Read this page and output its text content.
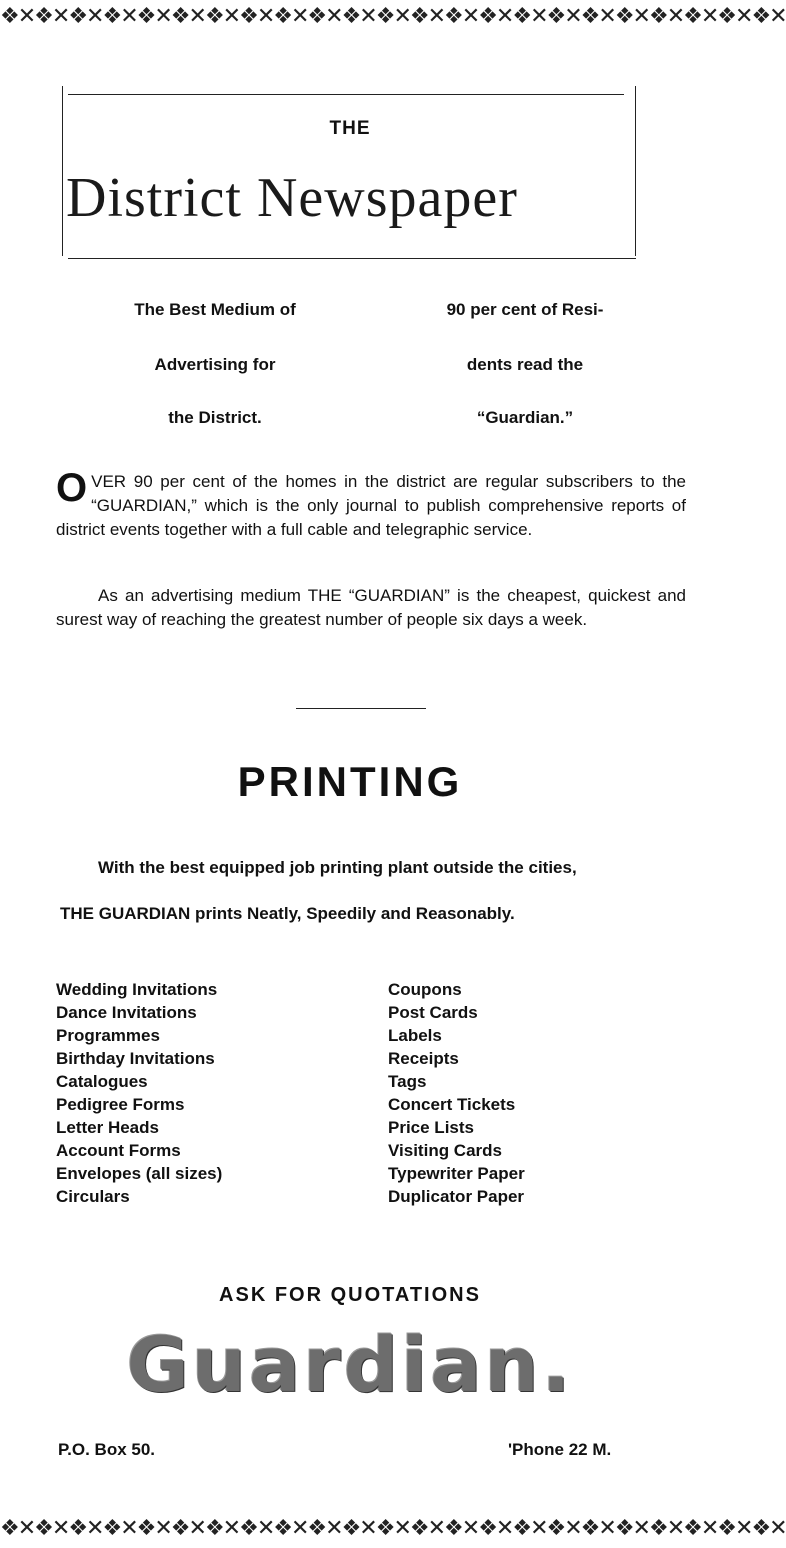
❖✕❖✕❖✕❖✕❖✕❖✕❖✕❖✕❖✕❖✕❖✕❖✕❖✕❖✕❖✕❖✕❖✕❖✕❖✕❖✕❖✕❖✕❖✕
THE
District Newspaper
The Best Medium of
Advertising for
the District.
90 per cent of Resi-
dents read the
“Guardian.”
O VER 90 per cent of the homes in the district are regular subscribers to the “GUARDIAN,” which is the only journal to publish comprehensive reports of district events together with a full cable and telegraphic service.
As an advertising medium THE “GUARDIAN” is the cheapest, quickest and surest way of reaching the greatest number of people six days a week.
PRINTING
With the best equipped job printing plant outside the cities,
THE GUARDIAN prints Neatly, Speedily and Reasonably.
Wedding Invitations
Dance Invitations
Programmes
Birthday Invitations
Catalogues
Pedigree Forms
Letter Heads
Account Forms
Envelopes (all sizes)
Circulars
Coupons
Post Cards
Labels
Receipts
Tags
Concert Tickets
Price Lists
Visiting Cards
Typewriter Paper
Duplicator Paper
ASK FOR QUOTATIONS
Guardian.
P.O. Box 50.	'Phone 22 M.
❖✕❖✕❖✕❖✕❖✕❖✕❖✕❖✕❖✕❖✕❖✕❖✕❖✕❖✕❖✕❖✕❖✕❖✕❖✕❖✕❖✕❖✕❖✕
